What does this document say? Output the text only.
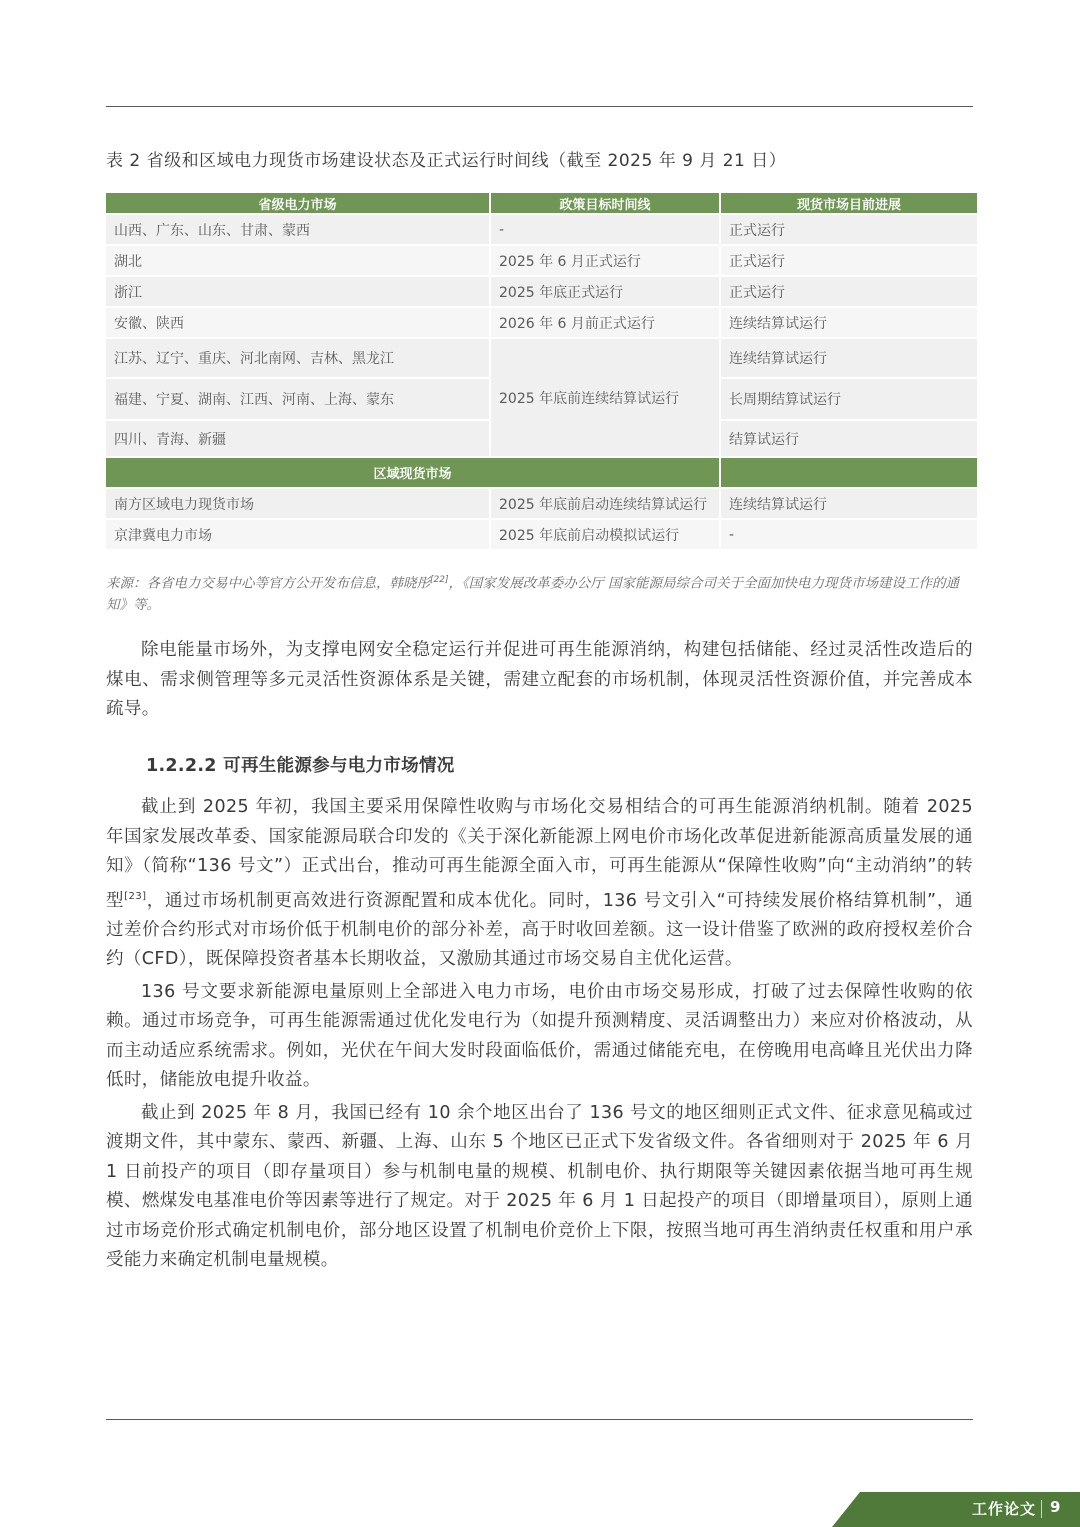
表 2 省级和区域电力现货市场建设状态及正式运行时间线（截至 2025 年 9 月 21 日）
省级电力市场	政策目标时间线	现货市场目前进展
山西、广东、山东、甘肃、蒙西	-	正式运行
湖北	2025 年 6 月正式运行	正式运行
浙江	2025 年底正式运行	正式运行
安徽、陕西	2026 年 6 月前正式运行	连续结算试运行
江苏、辽宁、重庆、河北南网、吉林、黑龙江	2025 年底前连续结算试运行	连续结算试运行
福建、宁夏、湖南、江西、河南、上海、蒙东		长周期结算试运行
四川、青海、新疆		结算试运行
区域现货市场		
南方区域电力现货市场	2025 年底前启动连续结算试运行	连续结算试运行
京津冀电力市场	2025 年底前启动模拟试运行	-
来源：各省电力交易中心等官方公开发布信息，韩晓彤[22]，《国家发展改革委办公厅 国家能源局综合司关于全面加快电力现货市场建设工作的通知》等。

除电能量市场外，为支撑电网安全稳定运行并促进可再生能源消纳，构建包括储能、经过灵活性改造后的煤电、需求侧管理等多元灵活性资源体系是关键，需建立配套的市场机制，体现灵活性资源价值，并完善成本疏导。

1.2.2.2 可再生能源参与电力市场情况

截止到 2025 年初，我国主要采用保障性收购与市场化交易相结合的可再生能源消纳机制。随着 2025 年国家发展改革委、国家能源局联合印发的《关于深化新能源上网电价市场化改革促进新能源高质量发展的通知》（简称“136 号文”）正式出台，推动可再生能源全面入市，可再生能源从“保障性收购”向“主动消纳”的转型[23]，通过市场机制更高效进行资源配置和成本优化。同时，136 号文引入“可持续发展价格结算机制”，通过差价合约形式对市场价低于机制电价的部分补差，高于时收回差额。这一设计借鉴了欧洲的政府授权差价合约（CFD），既保障投资者基本长期收益，又激励其通过市场交易自主优化运营。

136 号文要求新能源电量原则上全部进入电力市场，电价由市场交易形成，打破了过去保障性收购的依赖。通过市场竞争，可再生能源需通过优化发电行为（如提升预测精度、灵活调整出力）来应对价格波动，从而主动适应系统需求。例如，光伏在午间大发时段面临低价，需通过储能充电，在傍晚用电高峰且光伏出力降低时，储能放电提升收益。

截止到 2025 年 8 月，我国已经有 10 余个地区出台了 136 号文的地区细则正式文件、征求意见稿或过渡期文件，其中蒙东、蒙西、新疆、上海、山东 5 个地区已正式下发省级文件。各省细则对于 2025 年 6 月 1 日前投产的项目（即存量项目）参与机制电量的规模、机制电价、执行期限等关键因素依据当地可再生规模、燃煤发电基准电价等因素等进行了规定。对于 2025 年 6 月 1 日起投产的项目（即增量项目），原则上通过市场竞价形式确定机制电价，部分地区设置了机制电价竞价上下限，按照当地可再生消纳责任权重和用户承受能力来确定机制电量规模。

工作论文 9
